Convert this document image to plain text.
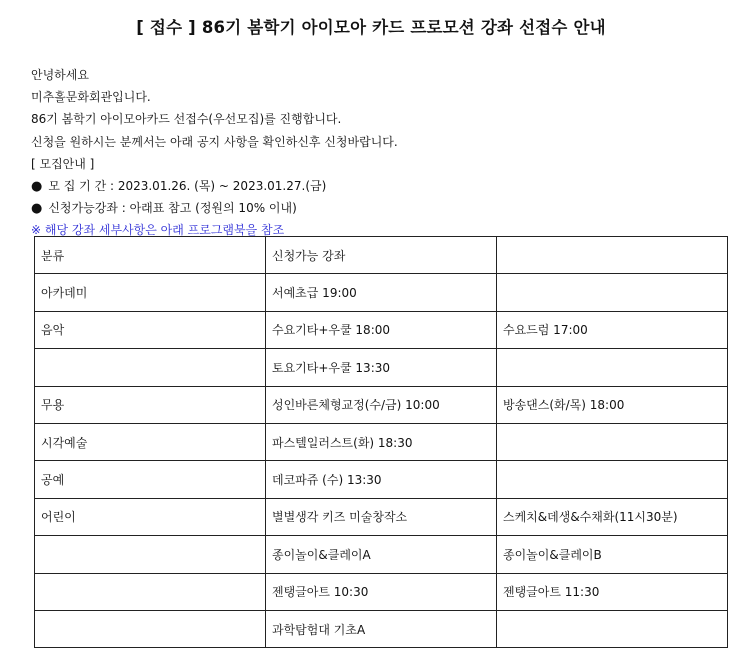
[ 접수 ] 86기 봄학기 아이모아 카드 프로모션 강좌 선접수 안내
안녕하세요
미추홀문화회관입니다.
86기 봄학기 아이모아카드 선접수(우선모집)를 진행합니다.
신청을 원하시는 분께서는 아래 공지 사항을 확인하신후 신청바랍니다.
[ 모집안내 ]
● 모 집 기 간 : 2023.01.26. (목) ~ 2023.01.27.(금)
● 신청가능강좌 : 아래표 참고 (정원의 10% 이내)
※ 해당 강좌 세부사항은 아래 프로그램북을 참조
분류	신청가능 강좌	
아카데미	서예초급 19:00	
음악	수요기타+우쿨 18:00	수요드럼 17:00
	토요기타+우쿨 13:30	
무용	성인바른체형교정(수/금) 10:00	방송댄스(화/목) 18:00
시각예술	파스텔일러스트(화) 18:30	
공예	데코파쥬 (수) 13:30	
어린이	별별생각 키즈 미술창작소	스케치&데생&수채화(11시30분)
	종이놀이&클레이A	종이놀이&클레이B
	젠탱글아트 10:30	젠탱글아트 11:30
	과학탐험대 기초A	
